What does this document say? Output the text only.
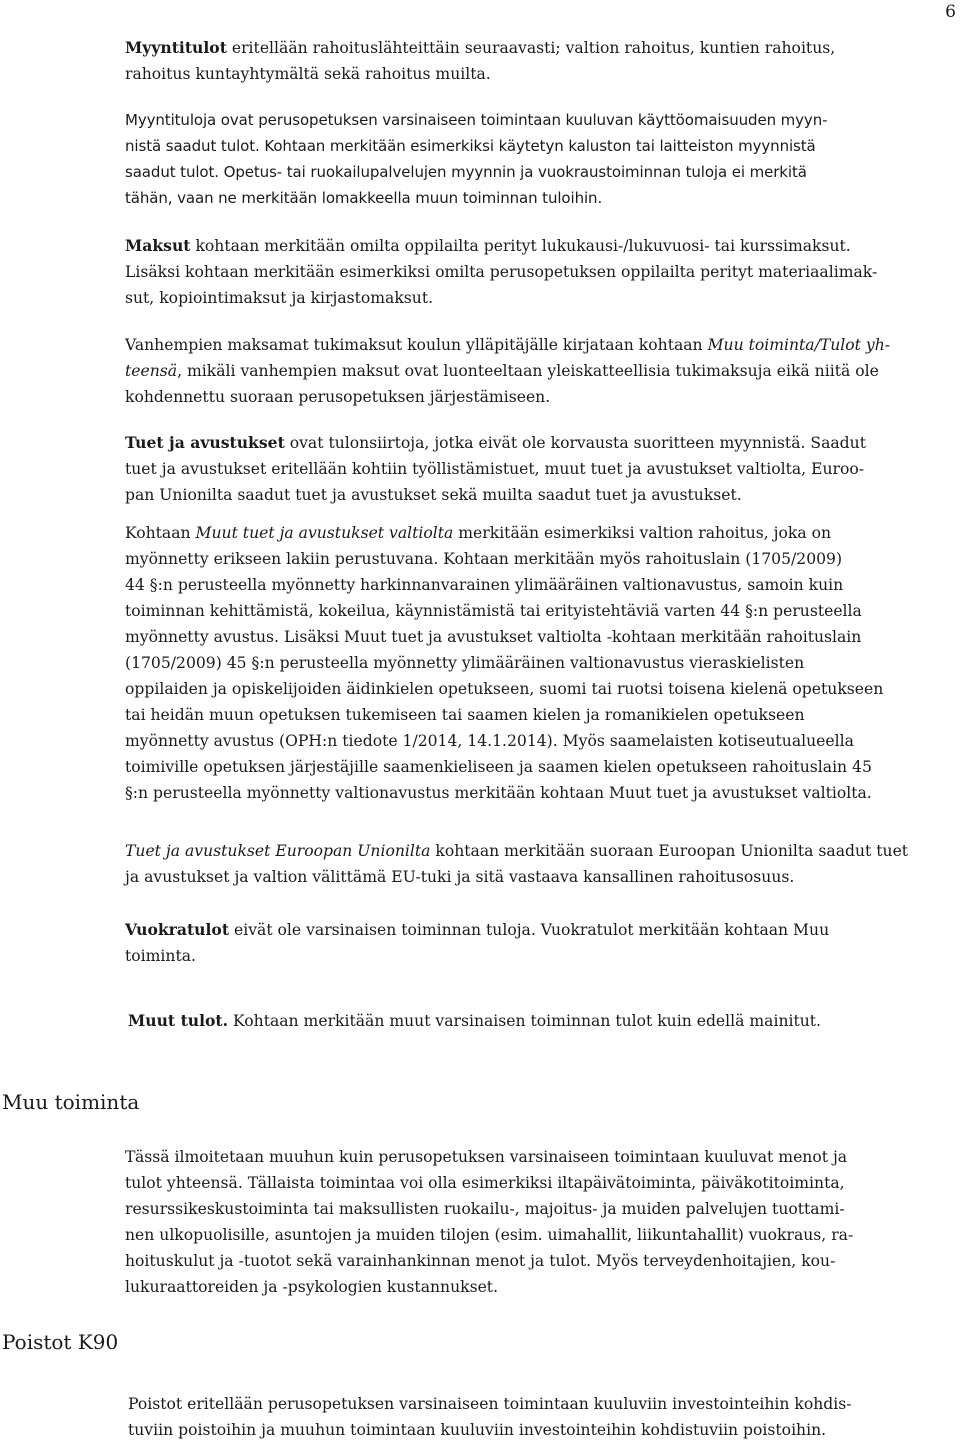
6

Myyntitulot eritellään rahoituslähteittäin seuraavasti; valtion rahoitus, kuntien rahoitus,
rahoitus kuntayhtymältä sekä rahoitus muilta.

Myyntituloja ovat perusopetuksen varsinaiseen toimintaan kuuluvan käyttöomaisuuden myyn-
nistä saadut tulot. Kohtaan merkitään esimerkiksi käytetyn kaluston tai laitteiston myynnistä
saadut tulot. Opetus- tai ruokailupalvelujen myynnin ja vuokraustoiminnan tuloja ei merkitä
tähän, vaan ne merkitään lomakkeella muun toiminnan tuloihin.

Maksut kohtaan merkitään omilta oppilailta perityt lukukausi-/lukuvuosi- tai kurssimaksut.
Lisäksi kohtaan merkitään esimerkiksi omilta perusopetuksen oppilailta perityt materiaalimak-
sut, kopiointimaksut ja kirjastomaksut.

Vanhempien maksamat tukimaksut koulun ylläpitäjälle kirjataan kohtaan Muu toiminta/Tulot yh-
teensä, mikäli vanhempien maksut ovat luonteeltaan yleiskatteellisia tukimaksuja eikä niitä ole
kohdennettu suoraan perusopetuksen järjestämiseen.

Tuet ja avustukset ovat tulonsiirtoja, jotka eivät ole korvausta suoritteen myynnistä. Saadut
tuet ja avustukset eritellään kohtiin työllistämistuet, muut tuet ja avustukset valtiolta, Euroo-
pan Unionilta saadut tuet ja avustukset sekä muilta saadut tuet ja avustukset.

Kohtaan Muut tuet ja avustukset valtiolta merkitään esimerkiksi valtion rahoitus, joka on
myönnetty erikseen lakiin perustuvana. Kohtaan merkitään myös rahoituslain (1705/2009)
44 §:n perusteella myönnetty harkinnanvarainen ylimääräinen valtionavustus, samoin kuin
toiminnan kehittämistä, kokeilua, käynnistämistä tai erityistehtäviä varten 44 §:n perusteella
myönnetty avustus. Lisäksi Muut tuet ja avustukset valtiolta -kohtaan merkitään rahoituslain
(1705/2009) 45 §:n perusteella myönnetty ylimääräinen valtionavustus vieraskielisten
oppilaiden ja opiskelijoiden äidinkielen opetukseen, suomi tai ruotsi toisena kielenä opetukseen
tai heidän muun opetuksen tukemiseen tai saamen kielen ja romanikielen opetukseen
myönnetty avustus (OPH:n tiedote 1/2014, 14.1.2014). Myös saamelaisten kotiseutualueella
toimiville opetuksen järjestäjille saamenkieliseen ja saamen kielen opetukseen rahoituslain 45
§:n perusteella myönnetty valtionavustus merkitään kohtaan Muut tuet ja avustukset valtiolta.

Tuet ja avustukset Euroopan Unionilta kohtaan merkitään suoraan Euroopan Unionilta saadut tuet
ja avustukset ja valtion välittämä EU-tuki ja sitä vastaava kansallinen rahoitusosuus.

Vuokratulot eivät ole varsinaisen toiminnan tuloja. Vuokratulot merkitään kohtaan Muu
toiminta.

Muut tulot. Kohtaan merkitään muut varsinaisen toiminnan tulot kuin edellä mainitut.

Muu toiminta

Tässä ilmoitetaan muuhun kuin perusopetuksen varsinaiseen toimintaan kuuluvat menot ja
tulot yhteensä. Tällaista toimintaa voi olla esimerkiksi iltapäivätoiminta, päiväkotitoiminta,
resurssikeskustoiminta tai maksullisten ruokailu-, majoitus- ja muiden palvelujen tuottami-
nen ulkopuolisille, asuntojen ja muiden tilojen (esim. uimahallit, liikuntahallit) vuokraus, ra-
hoituskulut ja -tuotot sekä varainhankinnan menot ja tulot. Myös terveydenhoitajien, kou-
lukuraattoreiden ja -psykologien kustannukset.

Poistot K90

Poistot eritellään perusopetuksen varsinaiseen toimintaan kuuluviin investointeihin kohdis-
tuviin poistoihin ja muuhun toimintaan kuuluviin investointeihin kohdistuviin poistoihin.
